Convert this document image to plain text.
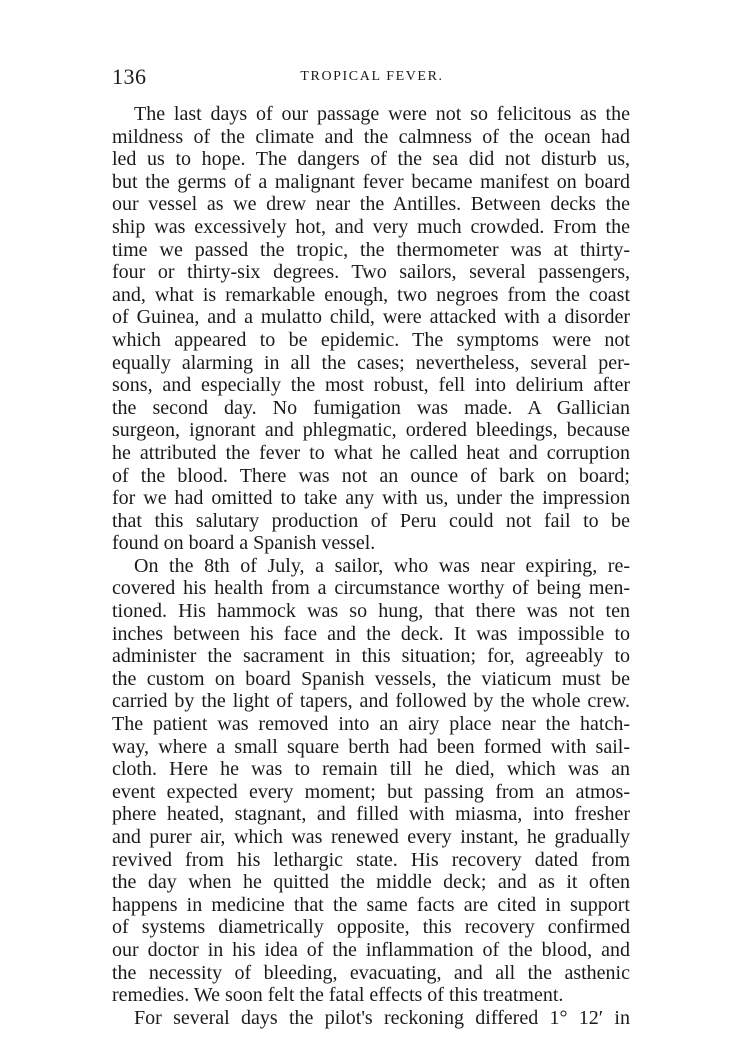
136	TROPICAL FEVER.
The last days of our passage were not so felicitous as the
mildness of the climate and the calmness of the ocean had
led us to hope. The dangers of the sea did not disturb us,
but the germs of a malignant fever became manifest on board
our vessel as we drew near the Antilles. Between decks the
ship was excessively hot, and very much crowded. From the
time we passed the tropic, the thermometer was at thirty-
four or thirty-six degrees. Two sailors, several passengers,
and, what is remarkable enough, two negroes from the coast
of Guinea, and a mulatto child, were attacked with a disorder
which appeared to be epidemic. The symptoms were not
equally alarming in all the cases; nevertheless, several per-
sons, and especially the most robust, fell into delirium after
the second day. No fumigation was made. A Gallician
surgeon, ignorant and phlegmatic, ordered bleedings, because
he attributed the fever to what he called heat and corruption
of the blood. There was not an ounce of bark on board;
for we had omitted to take any with us, under the impression
that this salutary production of Peru could not fail to be
found on board a Spanish vessel.
On the 8th of July, a sailor, who was near expiring, re-
covered his health from a circumstance worthy of being men-
tioned. His hammock was so hung, that there was not ten
inches between his face and the deck. It was impossible to
administer the sacrament in this situation; for, agreeably to
the custom on board Spanish vessels, the viaticum must be
carried by the light of tapers, and followed by the whole crew.
The patient was removed into an airy place near the hatch-
way, where a small square berth had been formed with sail-
cloth. Here he was to remain till he died, which was an
event expected every moment; but passing from an atmos-
phere heated, stagnant, and filled with miasma, into fresher
and purer air, which was renewed every instant, he gradually
revived from his lethargic state. His recovery dated from
the day when he quitted the middle deck; and as it often
happens in medicine that the same facts are cited in support
of systems diametrically opposite, this recovery confirmed
our doctor in his idea of the inflammation of the blood, and
the necessity of bleeding, evacuating, and all the asthenic
remedies. We soon felt the fatal effects of this treatment.
For several days the pilot's reckoning differed 1° 12′ in
